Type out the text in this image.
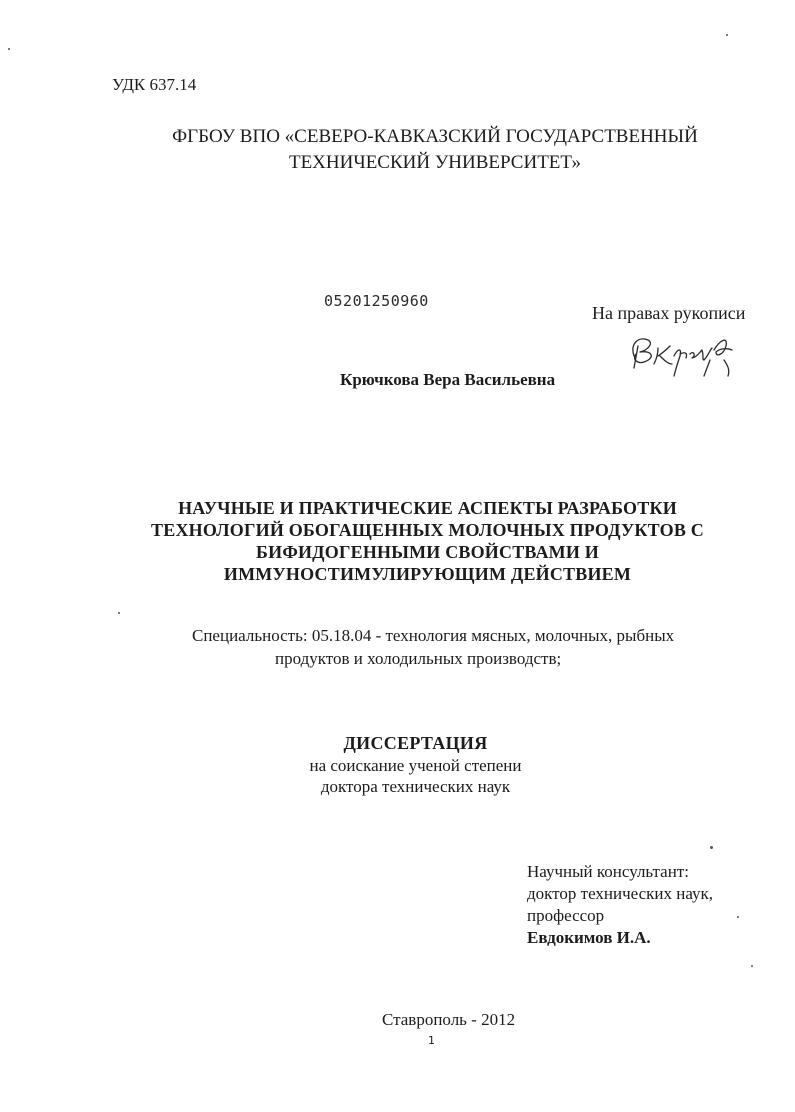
УДК 637.14
ФГБОУ ВПО «СЕВЕРО-КАВКАЗСКИЙ ГОСУДАРСТВЕННЫЙ
ТЕХНИЧЕСКИЙ УНИВЕРСИТЕТ»
05201250960
На правах рукописи
Крючкова Вера Васильевна
НАУЧНЫЕ И ПРАКТИЧЕСКИЕ АСПЕКТЫ РАЗРАБОТКИ
ТЕХНОЛОГИЙ ОБОГАЩЕННЫХ МОЛОЧНЫХ ПРОДУКТОВ С
БИФИДОГЕННЫМИ СВОЙСТВАМИ И
ИММУНОСТИМУЛИРУЮЩИМ ДЕЙСТВИЕМ
Специальность: 05.18.04 - технология мясных, молочных, рыбных
продуктов и холодильных производств;
ДИССЕРТАЦИЯ
на соискание ученой степени
доктора технических наук
Научный консультант:
доктор технических наук,
профессор
Евдокимов И.А.
Ставрополь - 2012
1
